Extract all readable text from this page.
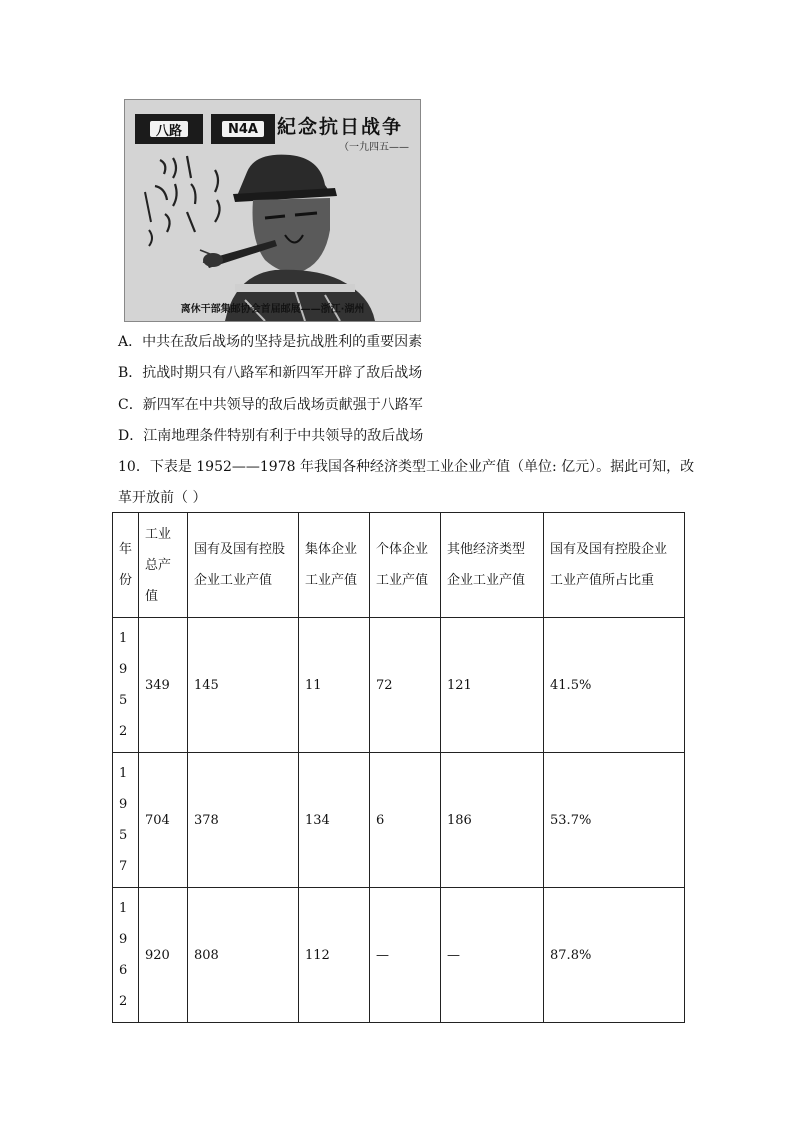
八路	N4A	紀念抗日战争
（一九四五——
离休干部集邮协会首届邮展——浙江·湖州
A．中共在敌后战场的坚持是抗战胜利的重要因素
B．抗战时期只有八路军和新四军开辟了敌后战场
C．新四军在中共领导的敌后战场贡献强于八路军
D．江南地理条件特别有利于中共领导的敌后战场
10．下表是 1952——1978 年我国各种经济类型工业企业产值（单位: 亿元）。据此可知，改
革开放前（ ）
年份	工业总产值	国有及国有控股企业工业产值	集体企业工业产值	个体企业工业产值	其他经济类型企业工业产值	国有及国有控股企业工业产值所占比重
1952	349	145	11	72	121	41.5%
1957	704	378	134	6	186	53.7%
1962	920	808	112	—	—	87.8%
